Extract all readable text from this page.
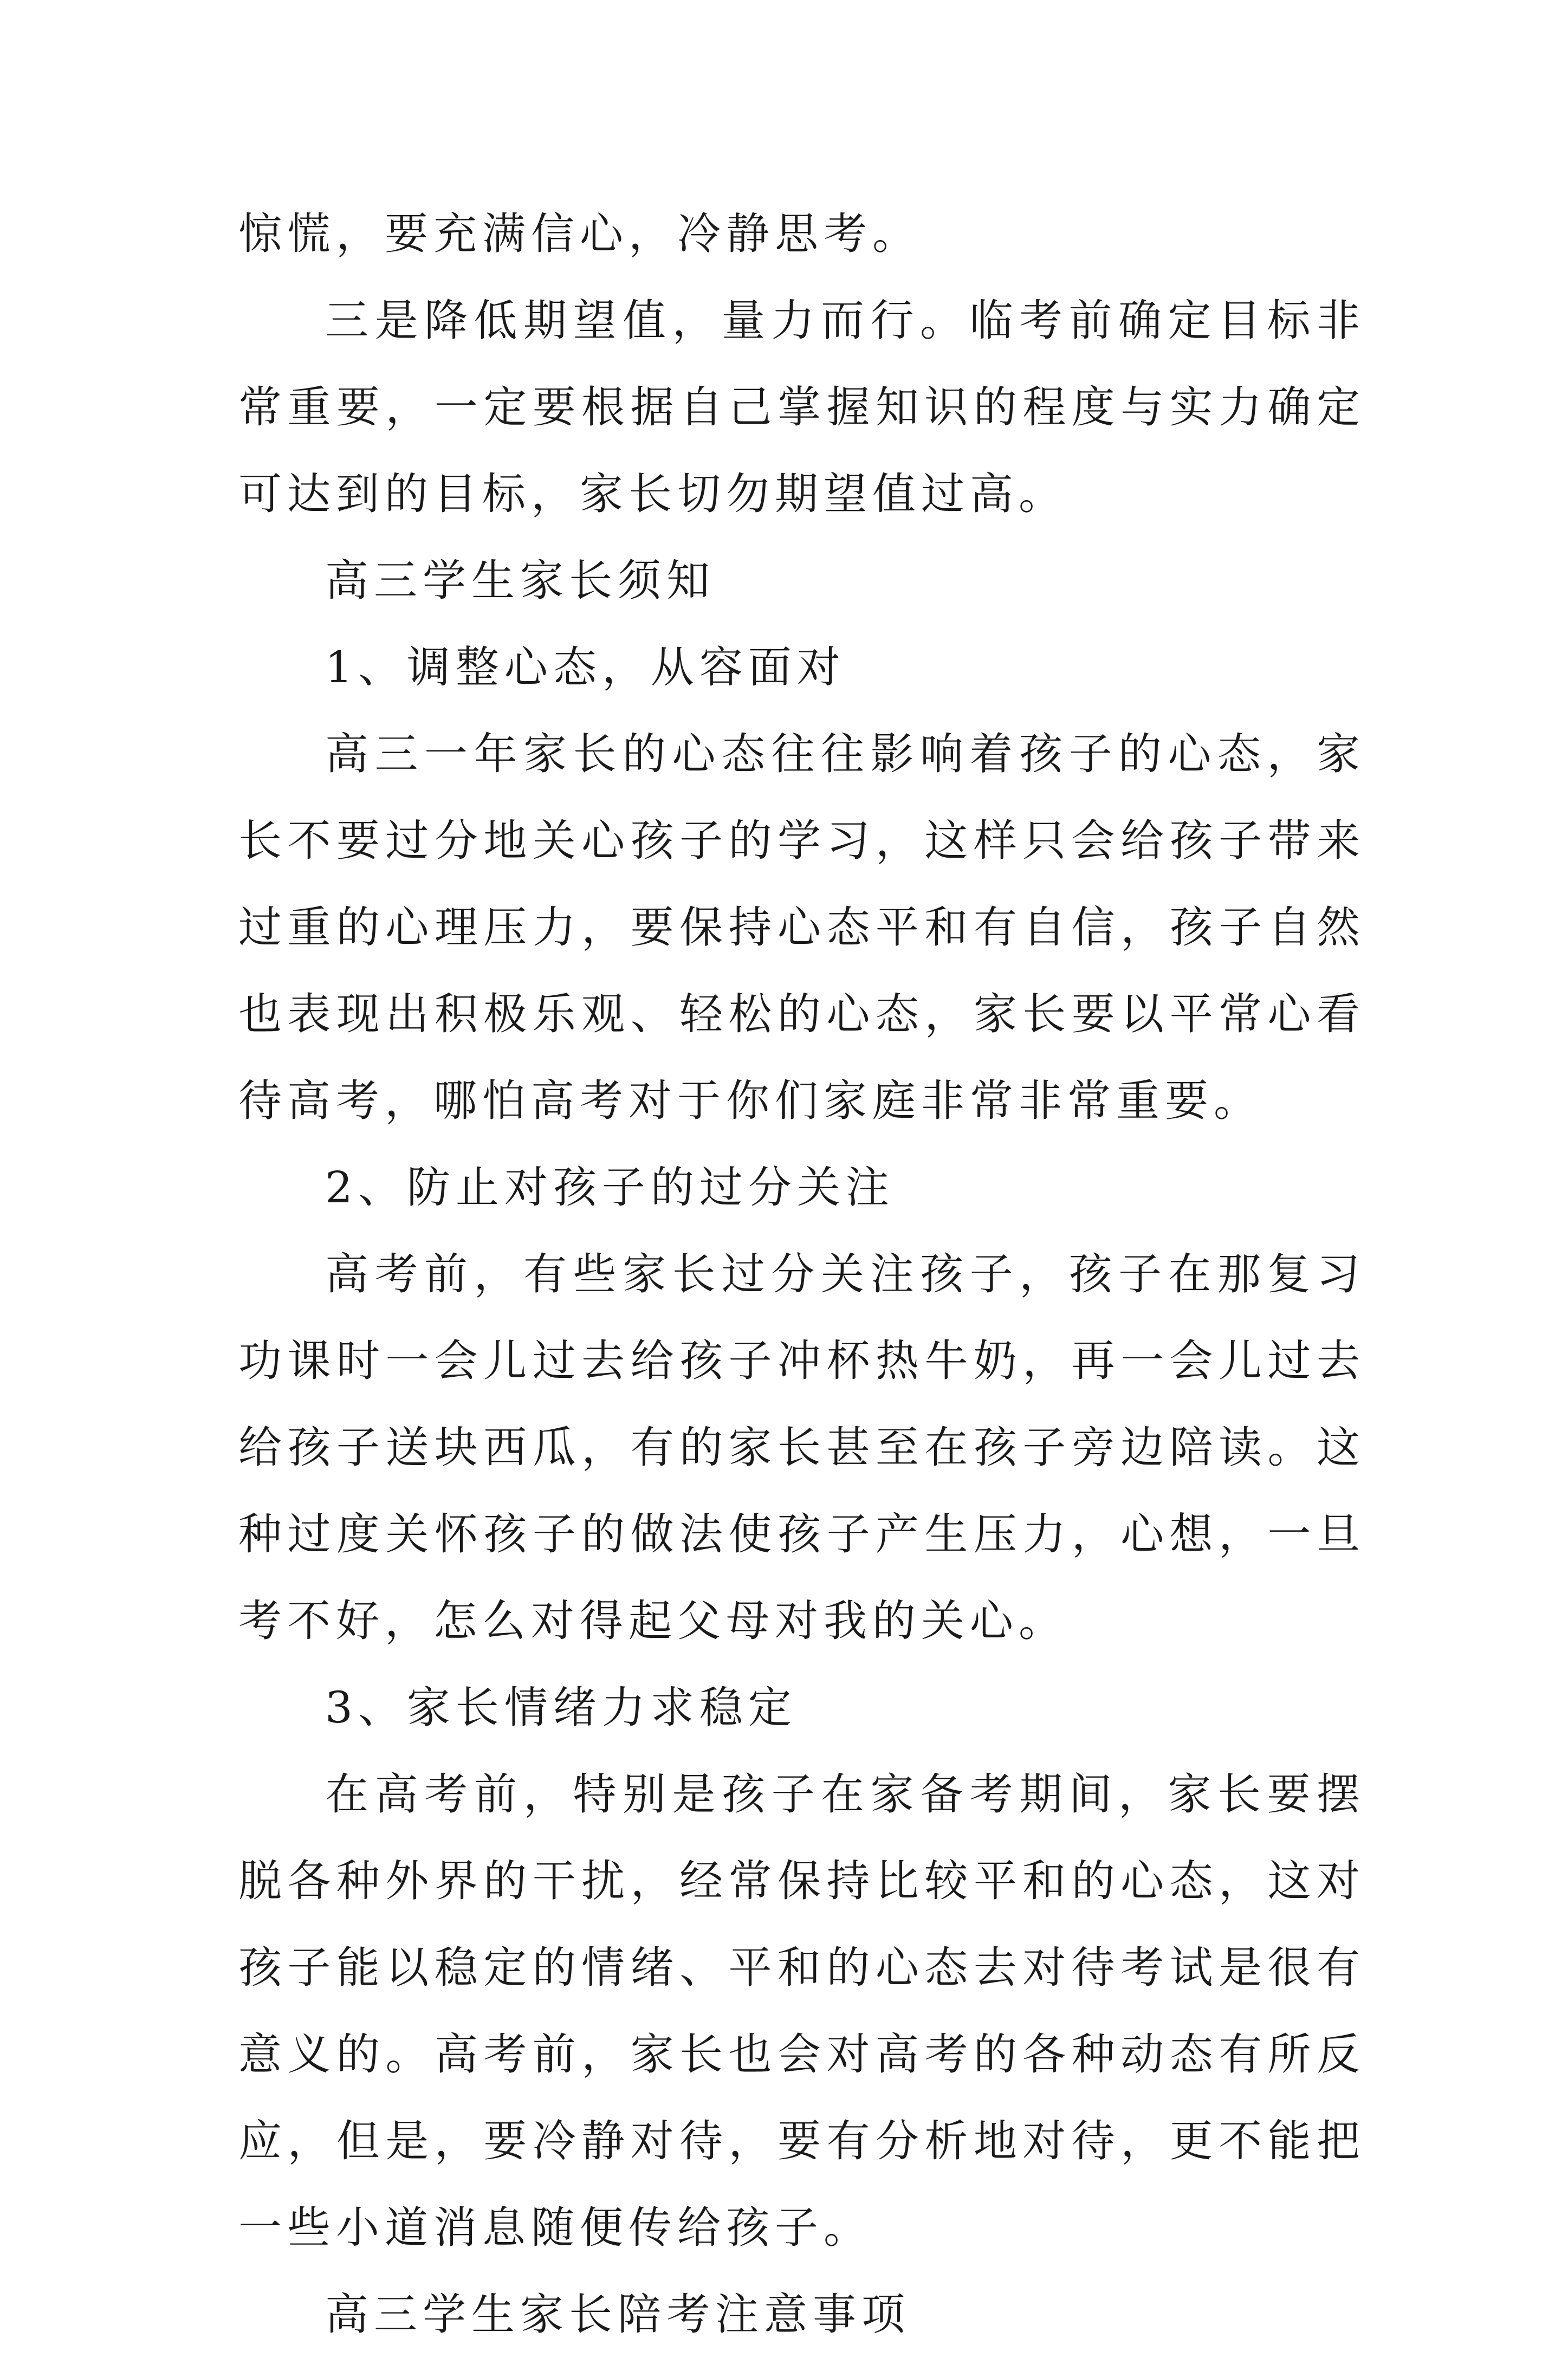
惊慌，要充满信心，冷静思考。

三是降低期望值，量力而行。临考前确定目标非常重要，一定要根据自己掌握知识的程度与实力确定可达到的目标，家长切勿期望值过高。

高三学生家长须知

1、调整心态，从容面对

高三一年家长的心态往往影响着孩子的心态，家长不要过分地关心孩子的学习，这样只会给孩子带来过重的心理压力，要保持心态平和有自信，孩子自然也表现出积极乐观、轻松的心态，家长要以平常心看待高考，哪怕高考对于你们家庭非常非常重要。

2、防止对孩子的过分关注

高考前，有些家长过分关注孩子，孩子在那复习功课时一会儿过去给孩子冲杯热牛奶，再一会儿过去给孩子送块西瓜，有的家长甚至在孩子旁边陪读。这种过度关怀孩子的做法使孩子产生压力，心想，一旦考不好，怎么对得起父母对我的关心。

3、家长情绪力求稳定

在高考前，特别是孩子在家备考期间，家长要摆脱各种外界的干扰，经常保持比较平和的心态，这对孩子能以稳定的情绪、平和的心态去对待考试是很有意义的。高考前，家长也会对高考的各种动态有所反应，但是，要冷静对待，要有分析地对待，更不能把一些小道消息随便传给孩子。

高三学生家长陪考注意事项
